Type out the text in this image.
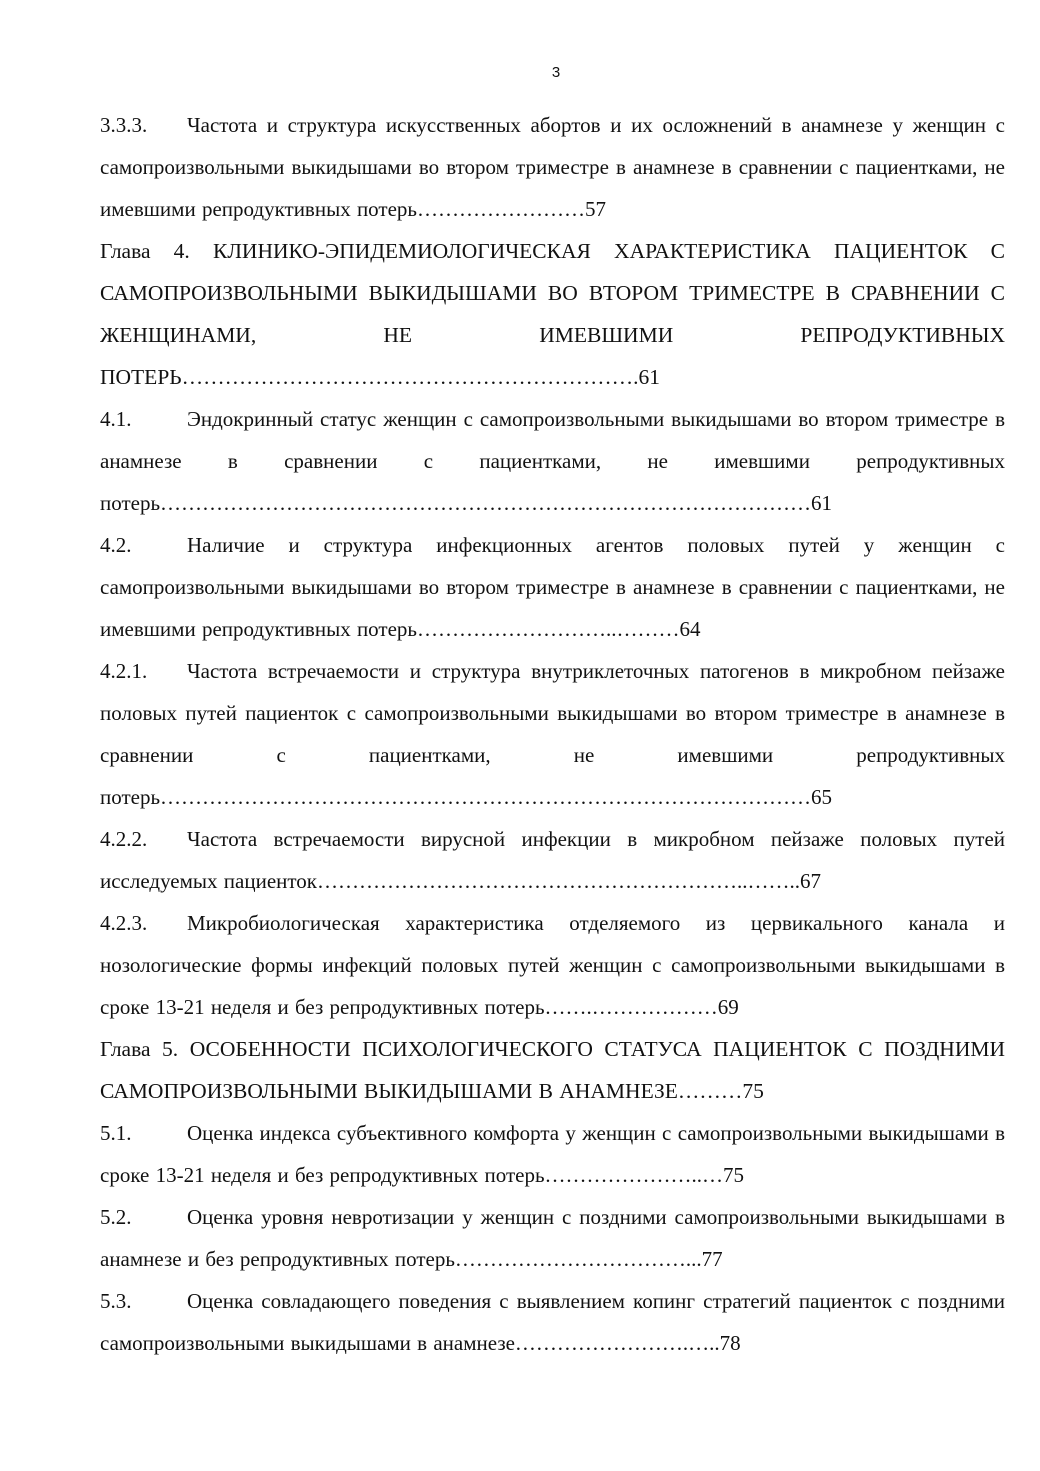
3

3.3.3. Частота и структура искусственных абортов и их осложнений в анамнезе у женщин с самопроизвольными выкидышами во втором триместре в анамнезе в сравнении с пациентками, не имевшими репродуктивных потерь……………………57

Глава 4. КЛИНИКО-ЭПИДЕМИОЛОГИЧЕСКАЯ ХАРАКТЕРИСТИКА ПАЦИЕНТОК С САМОПРОИЗВОЛЬНЫМИ ВЫКИДЫШАМИ ВО ВТОРОМ ТРИМЕСТРЕ В СРАВНЕНИИ С ЖЕНЩИНАМИ, НЕ ИМЕВШИМИ РЕПРОДУКТИВНЫХ ПОТЕРЬ……………………………………………………….61

4.1.	Эндокринный статус женщин с самопроизвольными выкидышами во втором триместре в анамнезе в сравнении с пациентками, не имевшими репродуктивных потерь…………………………………………………………………………………61

4.2.	Наличие и структура инфекционных агентов половых путей у женщин с самопроизвольными выкидышами во втором триместре в анамнезе в сравнении с пациентками, не имевшими репродуктивных потерь………………………..………64

4.2.1. Частота встречаемости и структура внутриклеточных патогенов в микробном пейзаже половых путей пациенток с самопроизвольными выкидышами во втором триместре в анамнезе в сравнении с пациентками, не имевшими репродуктивных потерь…………………………………………………………………………………65

4.2.2. Частота встречаемости вирусной инфекции в микробном пейзаже половых путей исследуемых пациенток……………………………………………………..……..67

4.2.3. Микробиологическая характеристика отделяемого из цервикального канала и нозологические формы инфекций половых путей женщин с самопроизвольными выкидышами в сроке 13-21 неделя и без репродуктивных потерь…….………………69

Глава 5. ОСОБЕННОСТИ ПСИХОЛОГИЧЕСКОГО СТАТУСА ПАЦИЕНТОК С ПОЗДНИМИ САМОПРОИЗВОЛЬНЫМИ ВЫКИДЫШАМИ В АНАМНЕЗЕ………75

5.1.	Оценка индекса субъективного комфорта у женщин с самопроизвольными выкидышами в сроке 13-21 неделя и без репродуктивных потерь…………………..…75

5.2.	Оценка уровня невротизации у женщин с поздними самопроизвольными выкидышами в анамнезе и без репродуктивных потерь……………………………...77

5.3.	Оценка совладающего поведения с выявлением копинг стратегий пациенток с поздними самопроизвольными выкидышами в анамнезе…………………….…..78
